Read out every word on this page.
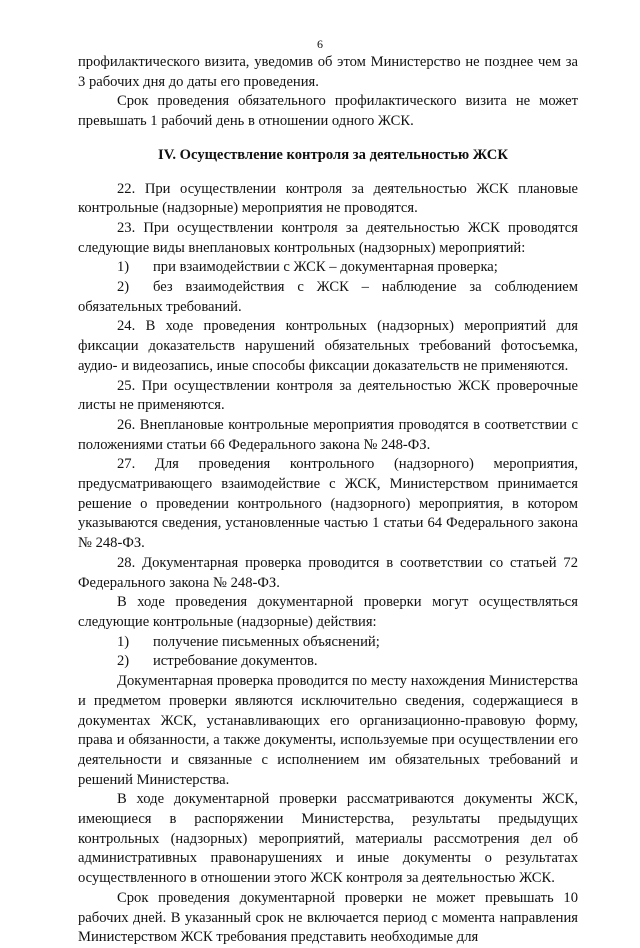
6

профилактического визита, уведомив об этом Министерство не позднее чем за 3 рабочих дня до даты его проведения.

Срок проведения обязательного профилактического визита не может превышать 1 рабочий день в отношении одного ЖСК.

IV. Осуществление контроля за деятельностью ЖСК

22. При осуществлении контроля за деятельностью ЖСК плановые контрольные (надзорные) мероприятия не проводятся.

23. При осуществлении контроля за деятельностью ЖСК проводятся следующие виды внеплановых контрольных (надзорных) мероприятий:

1) при взаимодействии с ЖСК – документарная проверка;

2) без взаимодействия с ЖСК – наблюдение за соблюдением обязательных требований.

24. В ходе проведения контрольных (надзорных) мероприятий для фиксации доказательств нарушений обязательных требований фотосъемка, аудио- и видеозапись, иные способы фиксации доказательств не применяются.

25. При осуществлении контроля за деятельностью ЖСК проверочные листы не применяются.

26. Внеплановые контрольные мероприятия проводятся в соответствии с положениями статьи 66 Федерального закона № 248-ФЗ.

27. Для проведения контрольного (надзорного) мероприятия, предусматривающего взаимодействие с ЖСК, Министерством принимается решение о проведении контрольного (надзорного) мероприятия, в котором указываются сведения, установленные частью 1 статьи 64 Федерального закона № 248-ФЗ.

28. Документарная проверка проводится в соответствии со статьей 72 Федерального закона № 248-ФЗ.

В ходе проведения документарной проверки могут осуществляться следующие контрольные (надзорные) действия:

1) получение письменных объяснений;

2) истребование документов.

Документарная проверка проводится по месту нахождения Министерства и предметом проверки являются исключительно сведения, содержащиеся в документах ЖСК, устанавливающих его организационно-правовую форму, права и обязанности, а также документы, используемые при осуществлении его деятельности и связанные с исполнением им обязательных требований и решений Министерства.

В ходе документарной проверки рассматриваются документы ЖСК, имеющиеся в распоряжении Министерства, результаты предыдущих контрольных (надзорных) мероприятий, материалы рассмотрения дел об административных правонарушениях и иные документы о результатах осуществленного в отношении этого ЖСК контроля за деятельностью ЖСК.

Срок проведения документарной проверки не может превышать 10 рабочих дней. В указанный срок не включается период с момента направления Министерством ЖСК требования представить необходимые для
